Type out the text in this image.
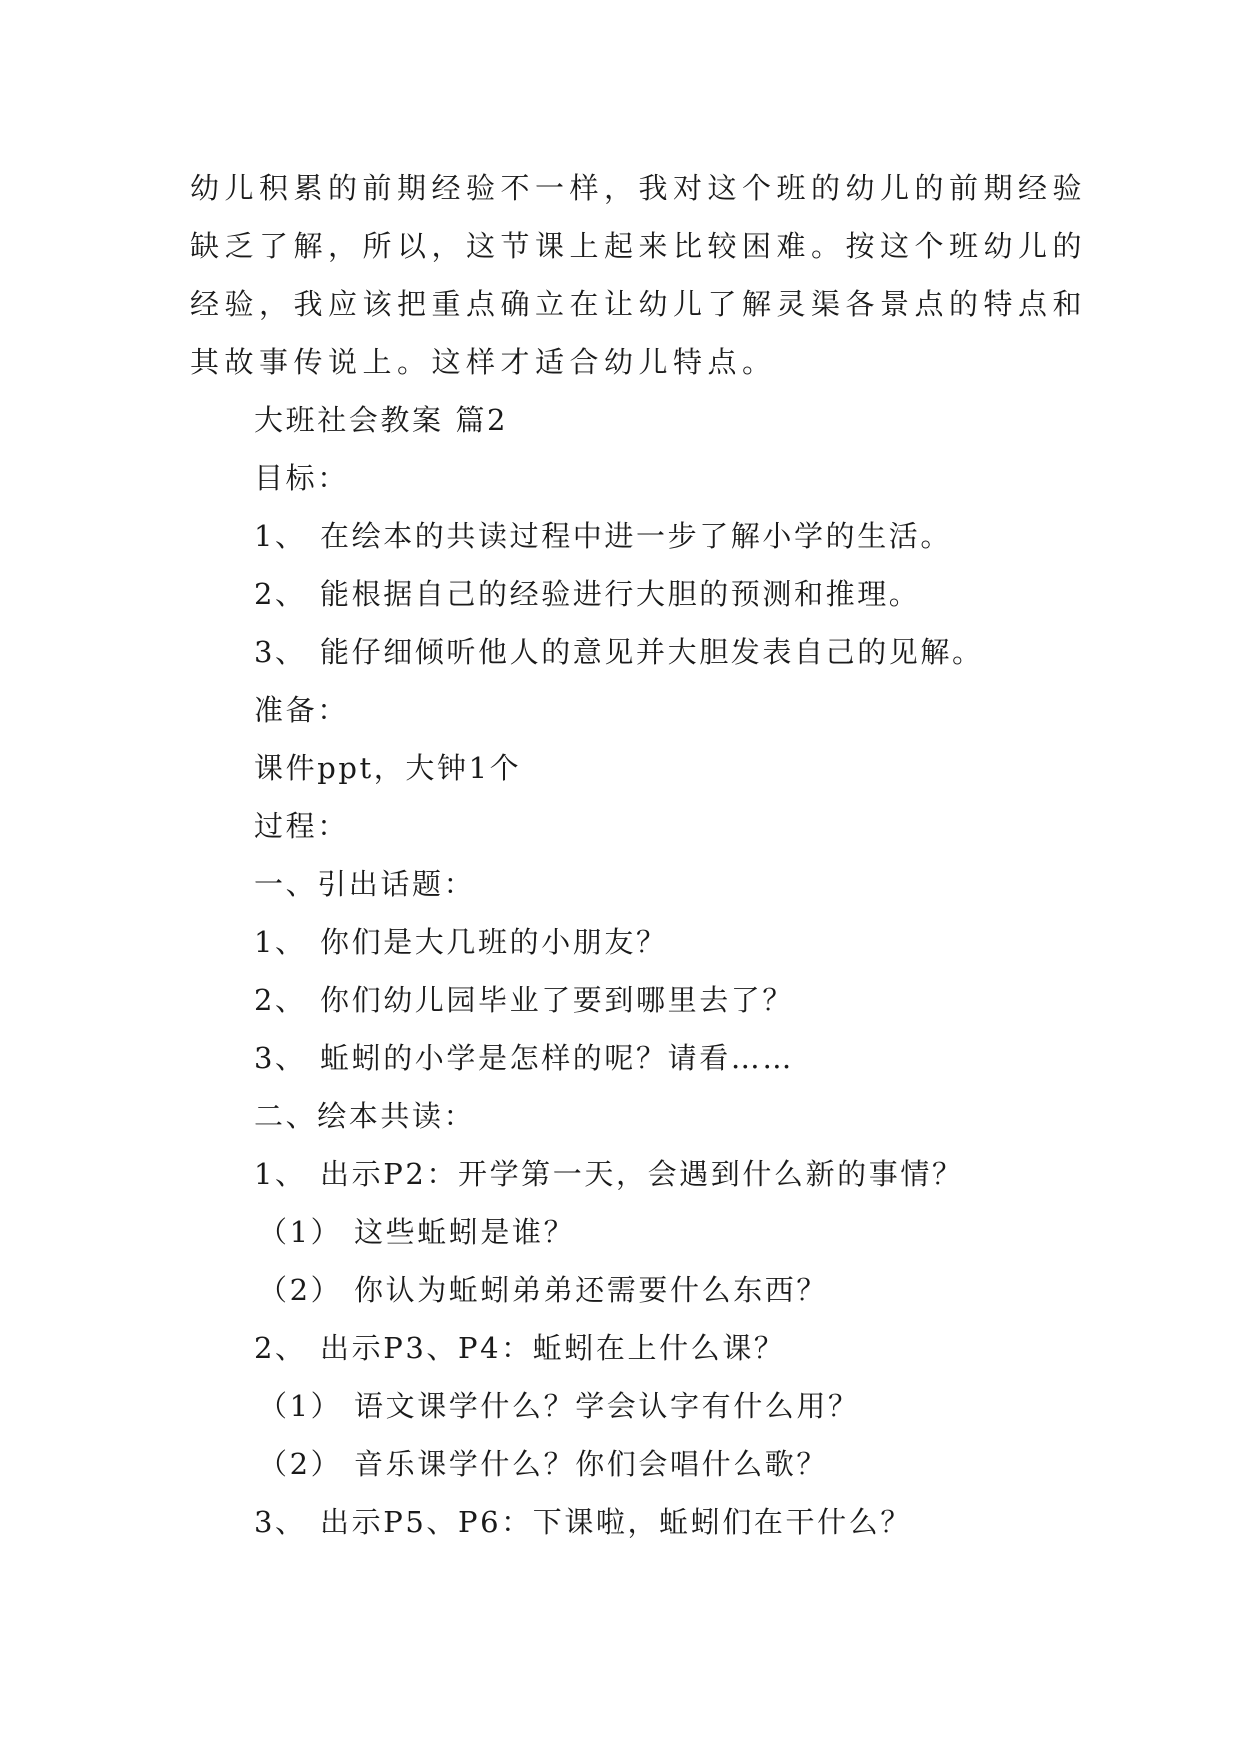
幼儿积累的前期经验不一样，我对这个班的幼儿的前期经验
缺乏了解，所以，这节课上起来比较困难。按这个班幼儿的
经验，我应该把重点确立在让幼儿了解灵渠各景点的特点和
其故事传说上。这样才适合幼儿特点。
大班社会教案 篇2
目标：
1、 在绘本的共读过程中进一步了解小学的生活。
2、 能根据自己的经验进行大胆的预测和推理。
3、 能仔细倾听他人的意见并大胆发表自己的见解。
准备：
课件ppt，大钟1个
过程：
一、引出话题：
1、 你们是大几班的小朋友？
2、 你们幼儿园毕业了要到哪里去了？
3、 蚯蚓的小学是怎样的呢？请看……
二、绘本共读：
1、 出示P2：开学第一天，会遇到什么新的事情？
（1） 这些蚯蚓是谁？
（2） 你认为蚯蚓弟弟还需要什么东西？
2、 出示P3、P4：蚯蚓在上什么课？
（1） 语文课学什么？学会认字有什么用？
（2） 音乐课学什么？你们会唱什么歌？
3、 出示P5、P6：下课啦，蚯蚓们在干什么？
